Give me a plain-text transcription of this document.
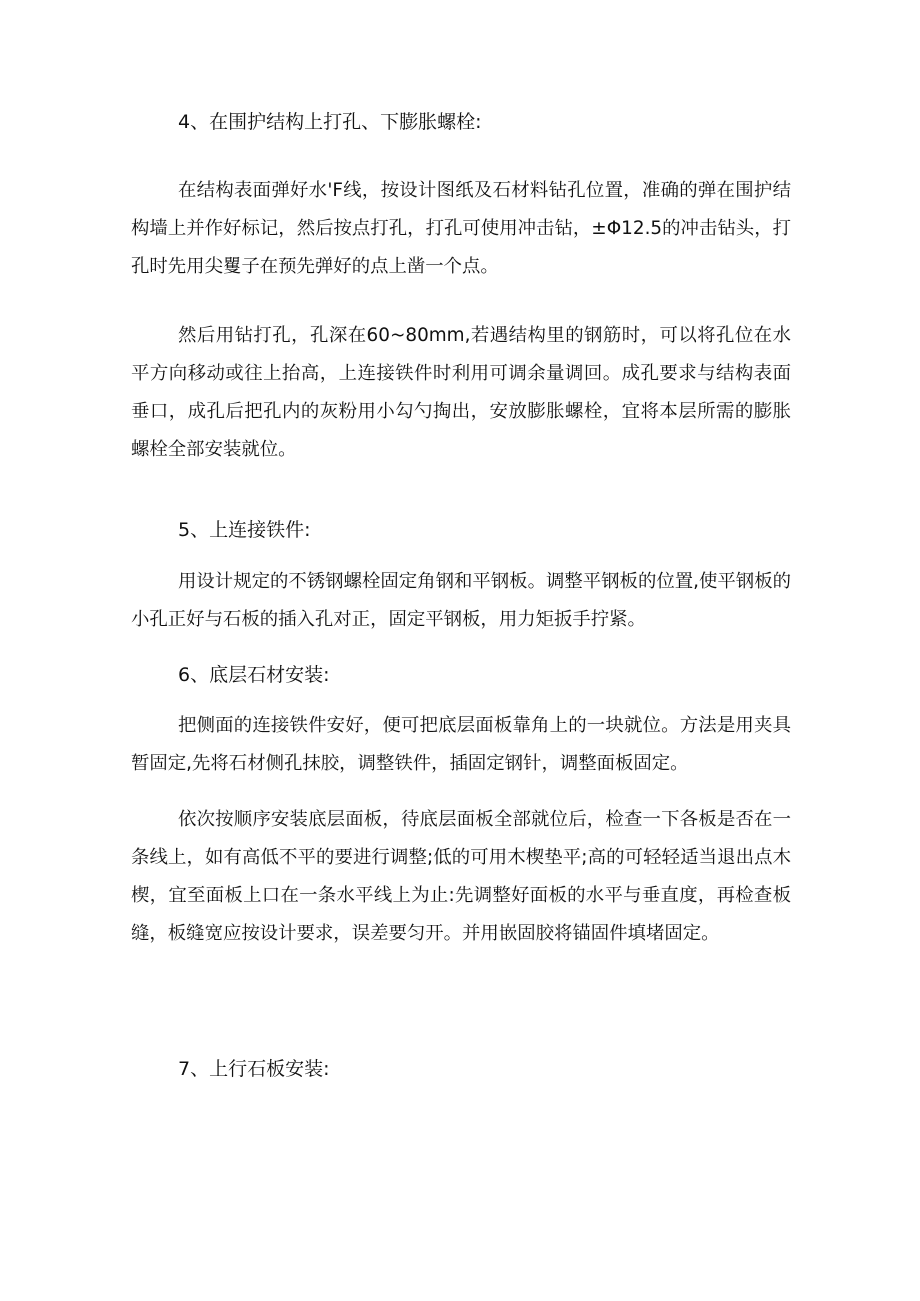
4、在围护结构上打孔、下膨胀螺栓:

在结构表面弹好水'F线，按设计图纸及石材料钻孔位置，准确的弹在围护结构墙上并作好标记，然后按点打孔，打孔可使用冲击钻，±Φ12.5的冲击钻头，打孔时先用尖矍子在预先弹好的点上凿一个点。

然后用钻打孔，孔深在60~80mm,若遇结构里的钢筋时，可以将孔位在水平方向移动或往上抬高，上连接铁件时利用可调余量调回。成孔要求与结构表面垂口，成孔后把孔内的灰粉用小勾勺掏出，安放膨胀螺栓，宜将本层所需的膨胀螺栓全部安装就位。

5、上连接铁件:

用设计规定的不锈钢螺栓固定角钢和平钢板。调整平钢板的位置,使平钢板的小孔正好与石板的插入孔对正，固定平钢板，用力矩扳手拧紧。

6、底层石材安装:

把侧面的连接铁件安好，便可把底层面板靠角上的一块就位。方法是用夹具暂固定,先将石材侧孔抹胶，调整铁件，插固定钢针，调整面板固定。

依次按顺序安装底层面板，待底层面板全部就位后，检查一下各板是否在一条线上，如有高低不平的要进行调整;低的可用木楔垫平;高的可轻轻适当退出点木楔，宜至面板上口在一条水平线上为止:先调整好面板的水平与垂直度，再检查板缝，板缝宽应按设计要求，误差要匀开。并用嵌固胶将锚固件填堵固定。

7、上行石板安装:
